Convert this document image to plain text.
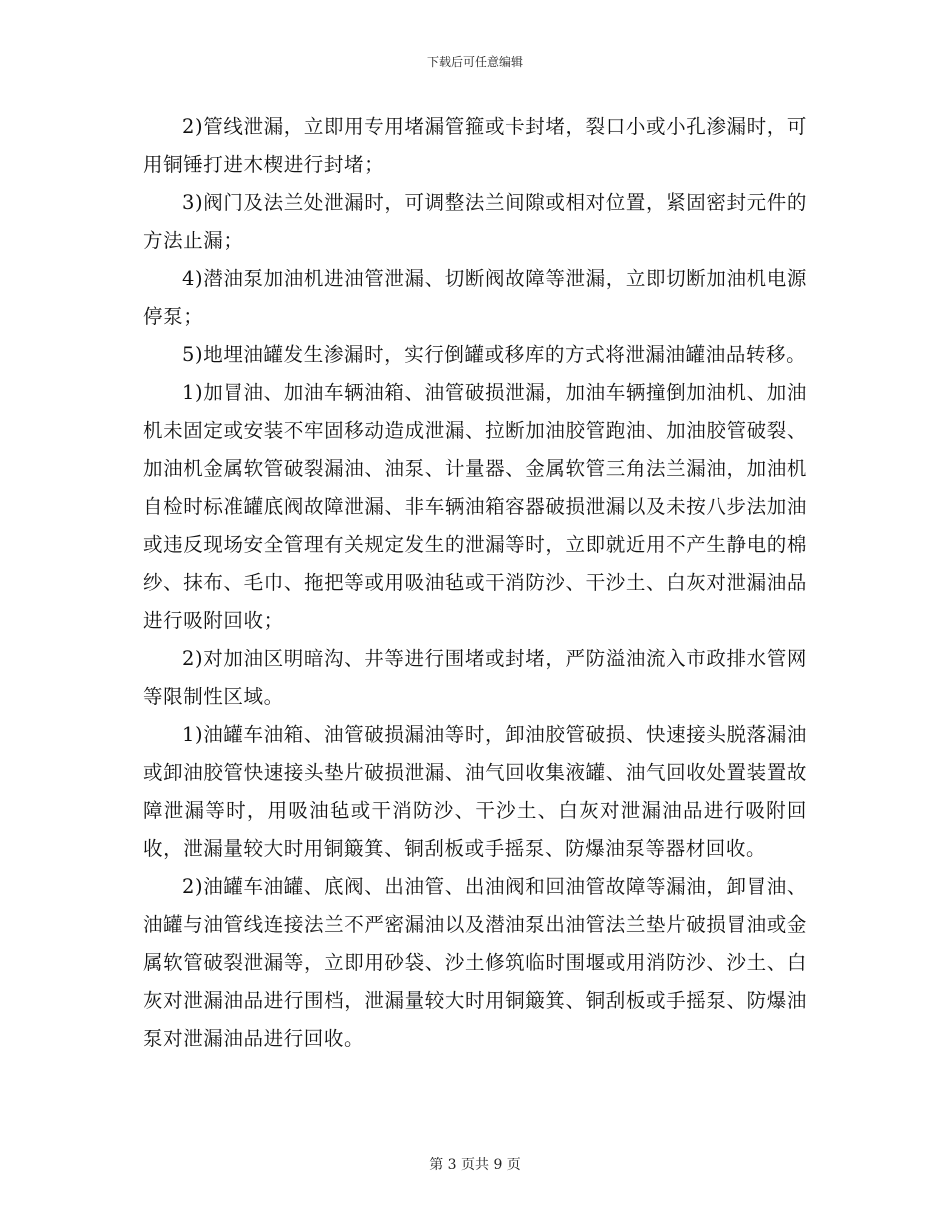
下载后可任意编辑

2)管线泄漏，立即用专用堵漏管箍或卡封堵，裂口小或小孔渗漏时，可用铜锤打进木楔进行封堵；

3)阀门及法兰处泄漏时，可调整法兰间隙或相对位置，紧固密封元件的方法止漏；

4)潜油泵加油机进油管泄漏、切断阀故障等泄漏，立即切断加油机电源停泵；

5)地埋油罐发生渗漏时，实行倒罐或移库的方式将泄漏油罐油品转移。

1)加冒油、加油车辆油箱、油管破损泄漏，加油车辆撞倒加油机、加油机未固定或安装不牢固移动造成泄漏、拉断加油胶管跑油、加油胶管破裂、加油机金属软管破裂漏油、油泵、计量器、金属软管三角法兰漏油，加油机自检时标准罐底阀故障泄漏、非车辆油箱容器破损泄漏以及未按八步法加油或违反现场安全管理有关规定发生的泄漏等时，立即就近用不产生静电的棉纱、抹布、毛巾、拖把等或用吸油毡或干消防沙、干沙土、白灰对泄漏油品进行吸附回收；

2)对加油区明暗沟、井等进行围堵或封堵，严防溢油流入市政排水管网等限制性区域。

1)油罐车油箱、油管破损漏油等时，卸油胶管破损、快速接头脱落漏油或卸油胶管快速接头垫片破损泄漏、油气回收集液罐、油气回收处置装置故障泄漏等时，用吸油毡或干消防沙、干沙土、白灰对泄漏油品进行吸附回收，泄漏量较大时用铜簸箕、铜刮板或手摇泵、防爆油泵等器材回收。

2)油罐车油罐、底阀、出油管、出油阀和回油管故障等漏油，卸冒油、油罐与油管线连接法兰不严密漏油以及潜油泵出油管法兰垫片破损冒油或金属软管破裂泄漏等，立即用砂袋、沙土修筑临时围堰或用消防沙、沙土、白灰对泄漏油品进行围档，泄漏量较大时用铜簸箕、铜刮板或手摇泵、防爆油泵对泄漏油品进行回收。

第 3 页共 9 页
